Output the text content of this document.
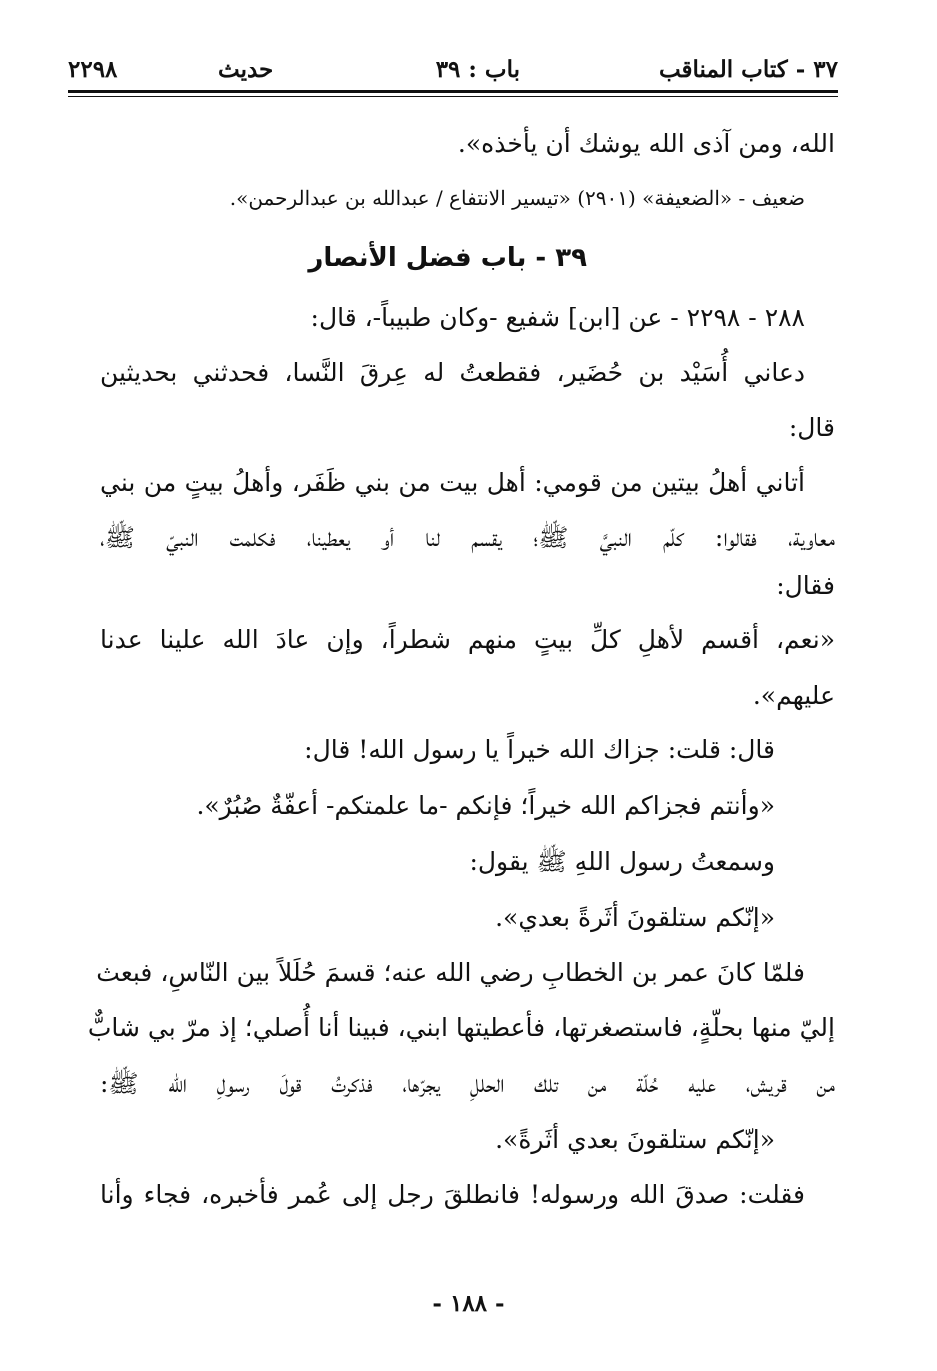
٣٧ - كتاب المناقب
باب : ٣٩
حديث
٢٢٩٨
الله، ومن آذى الله يوشك أن يأخذه».
ضعيف - «الضعيفة» (٢٩٠١) «تيسير الانتفاع / عبدالله بن عبدالرحمن».
٣٩ - باب فضل الأنصار
٢٨٨ - ٢٢٩٨ - عن [ابن] شفيع -وكان طبيباً-، قال:
دعاني أُسَيْد بن حُضَير، فقطعتُ له عِرقَ النَّسا، فحدثني بحديثين
قال:
أتاني أهلُ بيتين من قومي: أهل بيت من بني ظَفَر، وأهلُ بيتٍ من بني
معاوية، فقالوا: كلّم النبيَّ ﷺ؛ يقسم لنا أو يعطينا، فكلمت النبيّ ﷺ،
فقال:
«نعم، أقسم لأهلِ كلِّ بيتٍ منهم شطراً، وإن عادَ الله علينا عدنا
عليهم».
قال: قلت: جزاك الله خيراً يا رسول الله! قال:
«وأنتم فجزاكم الله خيراً؛ فإنكم -ما علمتكم- أعفّةٌ صُبُرٌ».
وسمعتُ رسول اللهِ ﷺ يقول:
«إنّكم ستلقونَ أثَرةً بعدي».
فلمّا كانَ عمر بن الخطابِ رضي الله عنه؛ قسمَ حُلَلاً بين النّاسِ، فبعث
إليّ منها بحلّةٍ، فاستصغرتها، فأعطيتها ابني، فبينا أنا أُصلي؛ إذ مرّ بي شابٌّ
من قريش، عليه حُلّة من تلك الحللِ يجرّها، فذكرتُ قولَ رسولِ الله ﷺ:
«إنّكم ستلقونَ بعدي أثَرةً».
فقلت: صدقَ الله ورسوله! فانطلقَ رجل إلى عُمر فأخبره، فجاء وأنا
- ١٨٨ -
